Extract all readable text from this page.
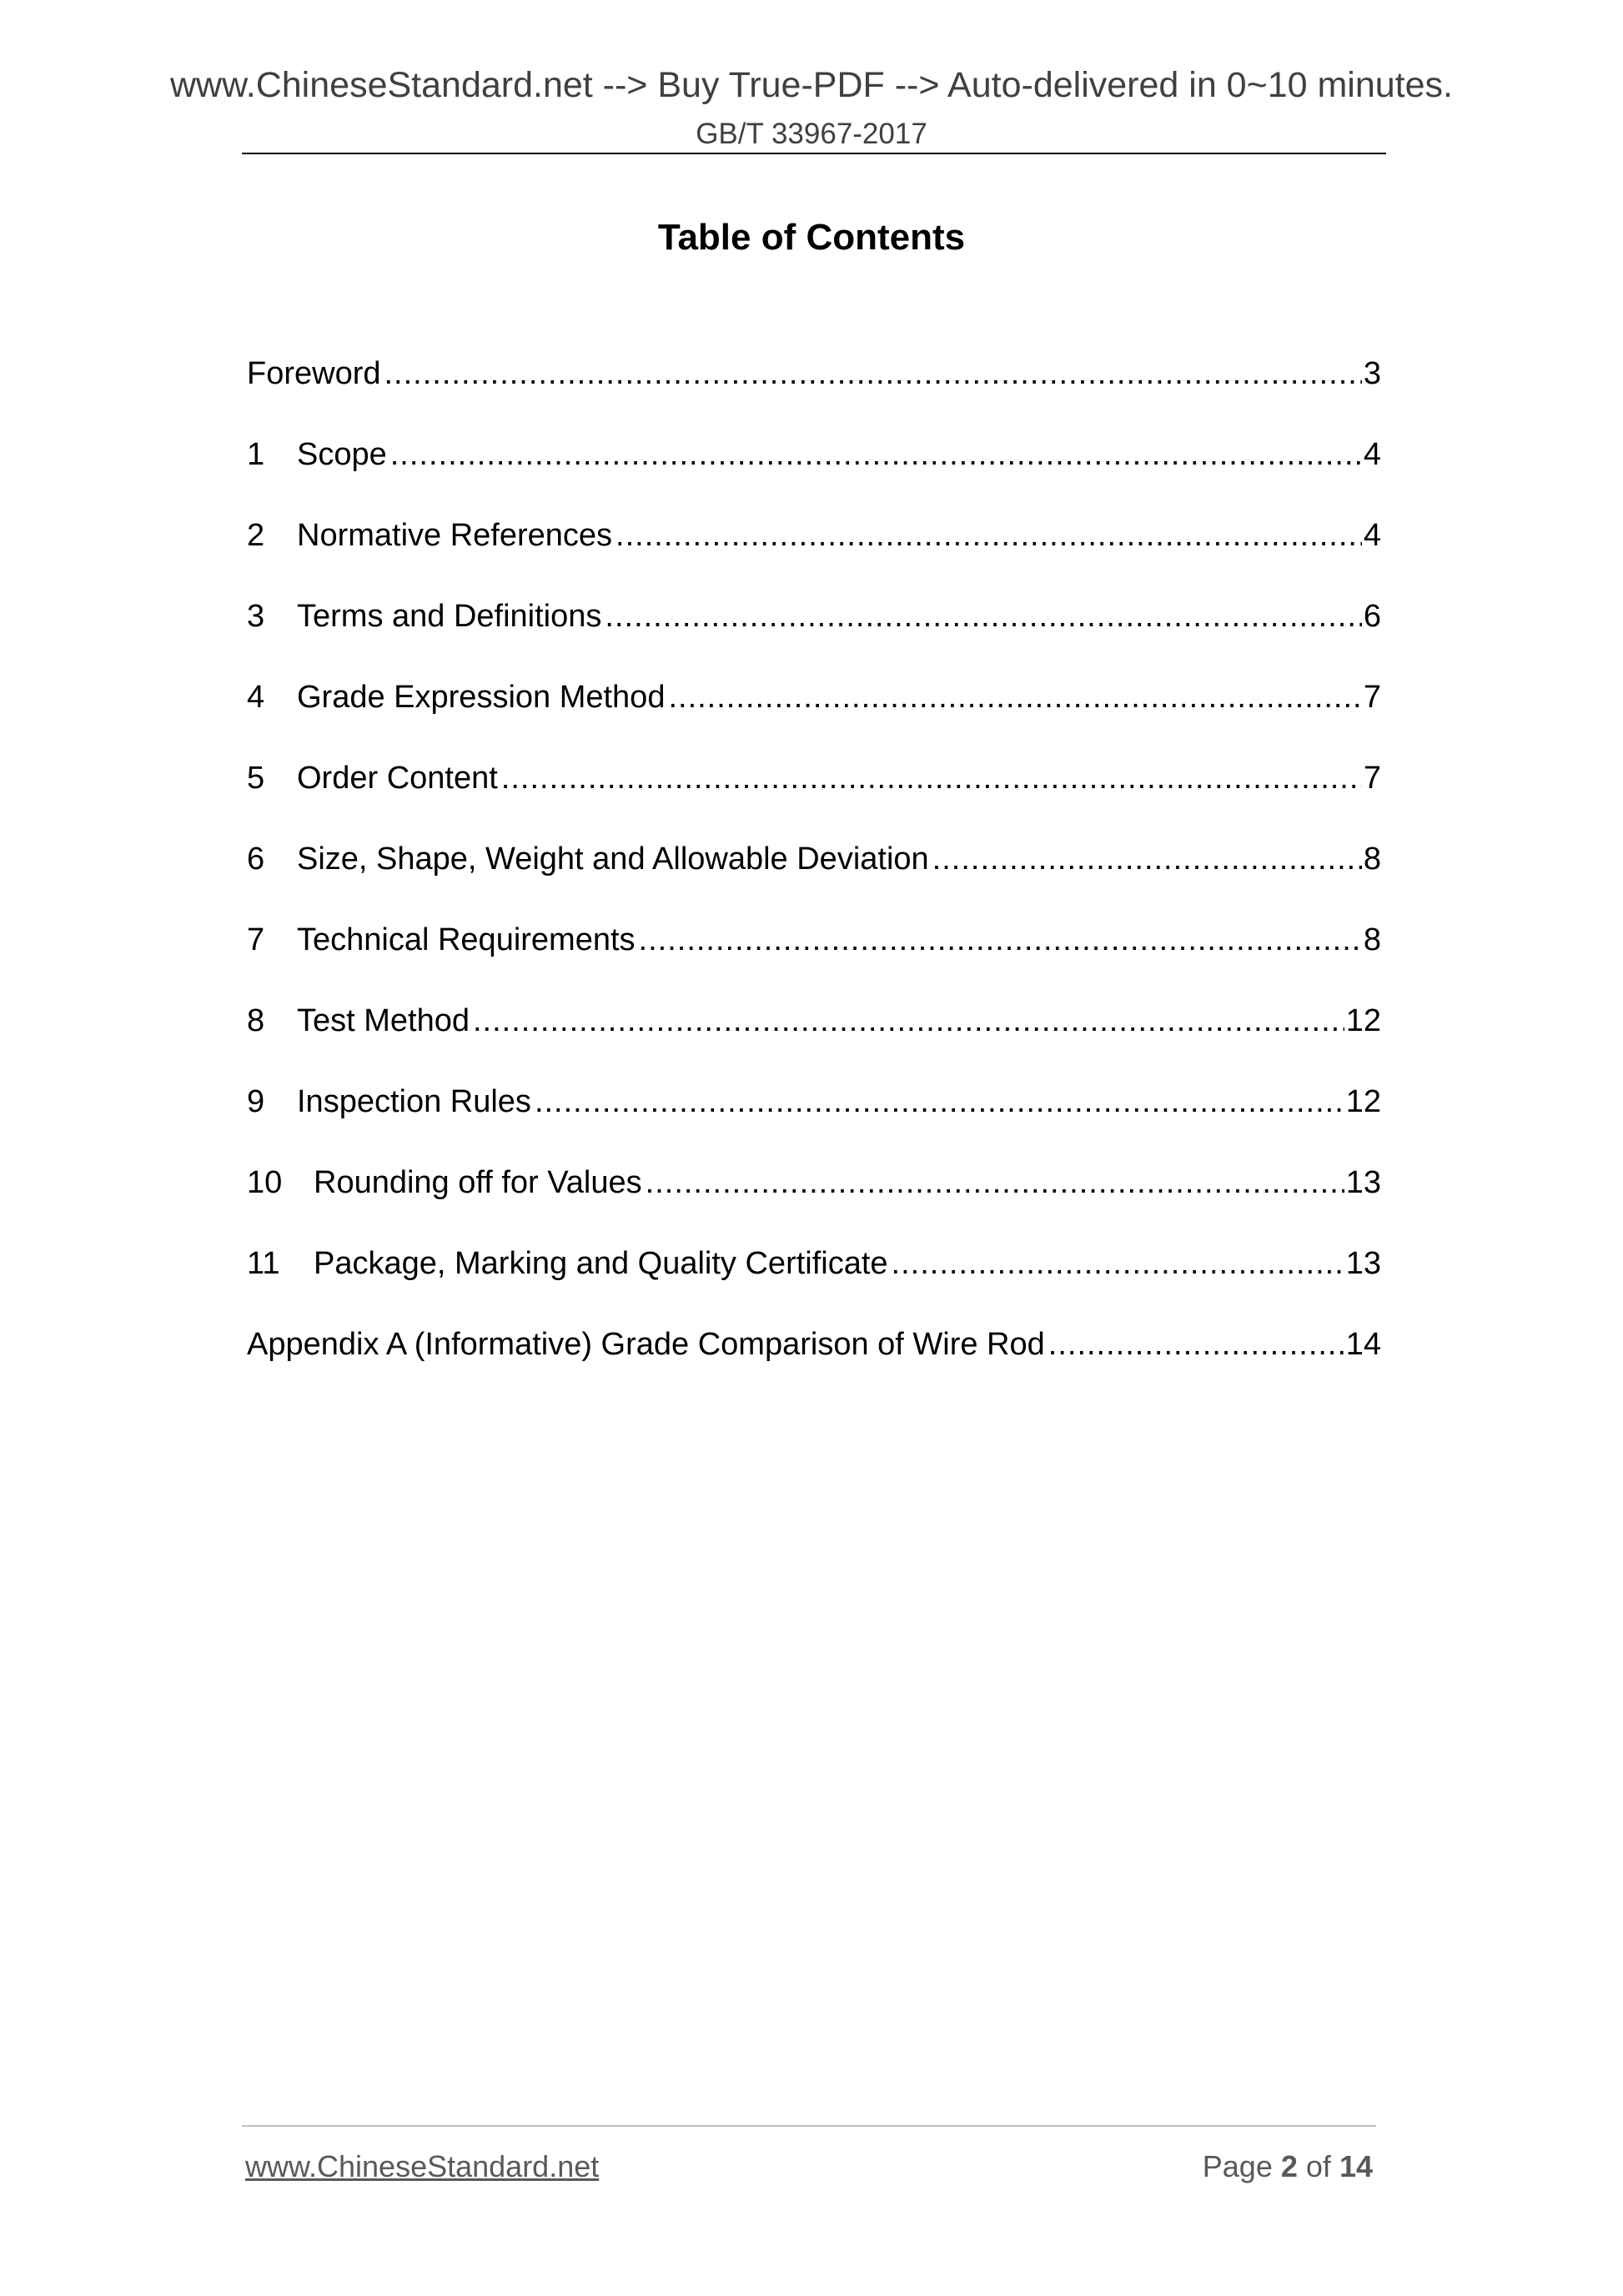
www.ChineseStandard.net --> Buy True-PDF --> Auto-delivered in 0~10 minutes.
GB/T 33967-2017
Table of Contents
Foreword .....	3
1	Scope .....	4
2	Normative References .....	4
3	Terms and Definitions .....	6
4	Grade Expression Method .....	7
5	Order Content .....	7
6	Size, Shape, Weight and Allowable Deviation .....	8
7	Technical Requirements .....	8
8	Test Method .....	12
9	Inspection Rules .....	12
10 Rounding off for Values .....	13
11	Package, Marking and Quality Certificate .....	13
Appendix A (Informative) Grade Comparison of Wire Rod .....	14
www.ChineseStandard.net	Page 2 of 14
